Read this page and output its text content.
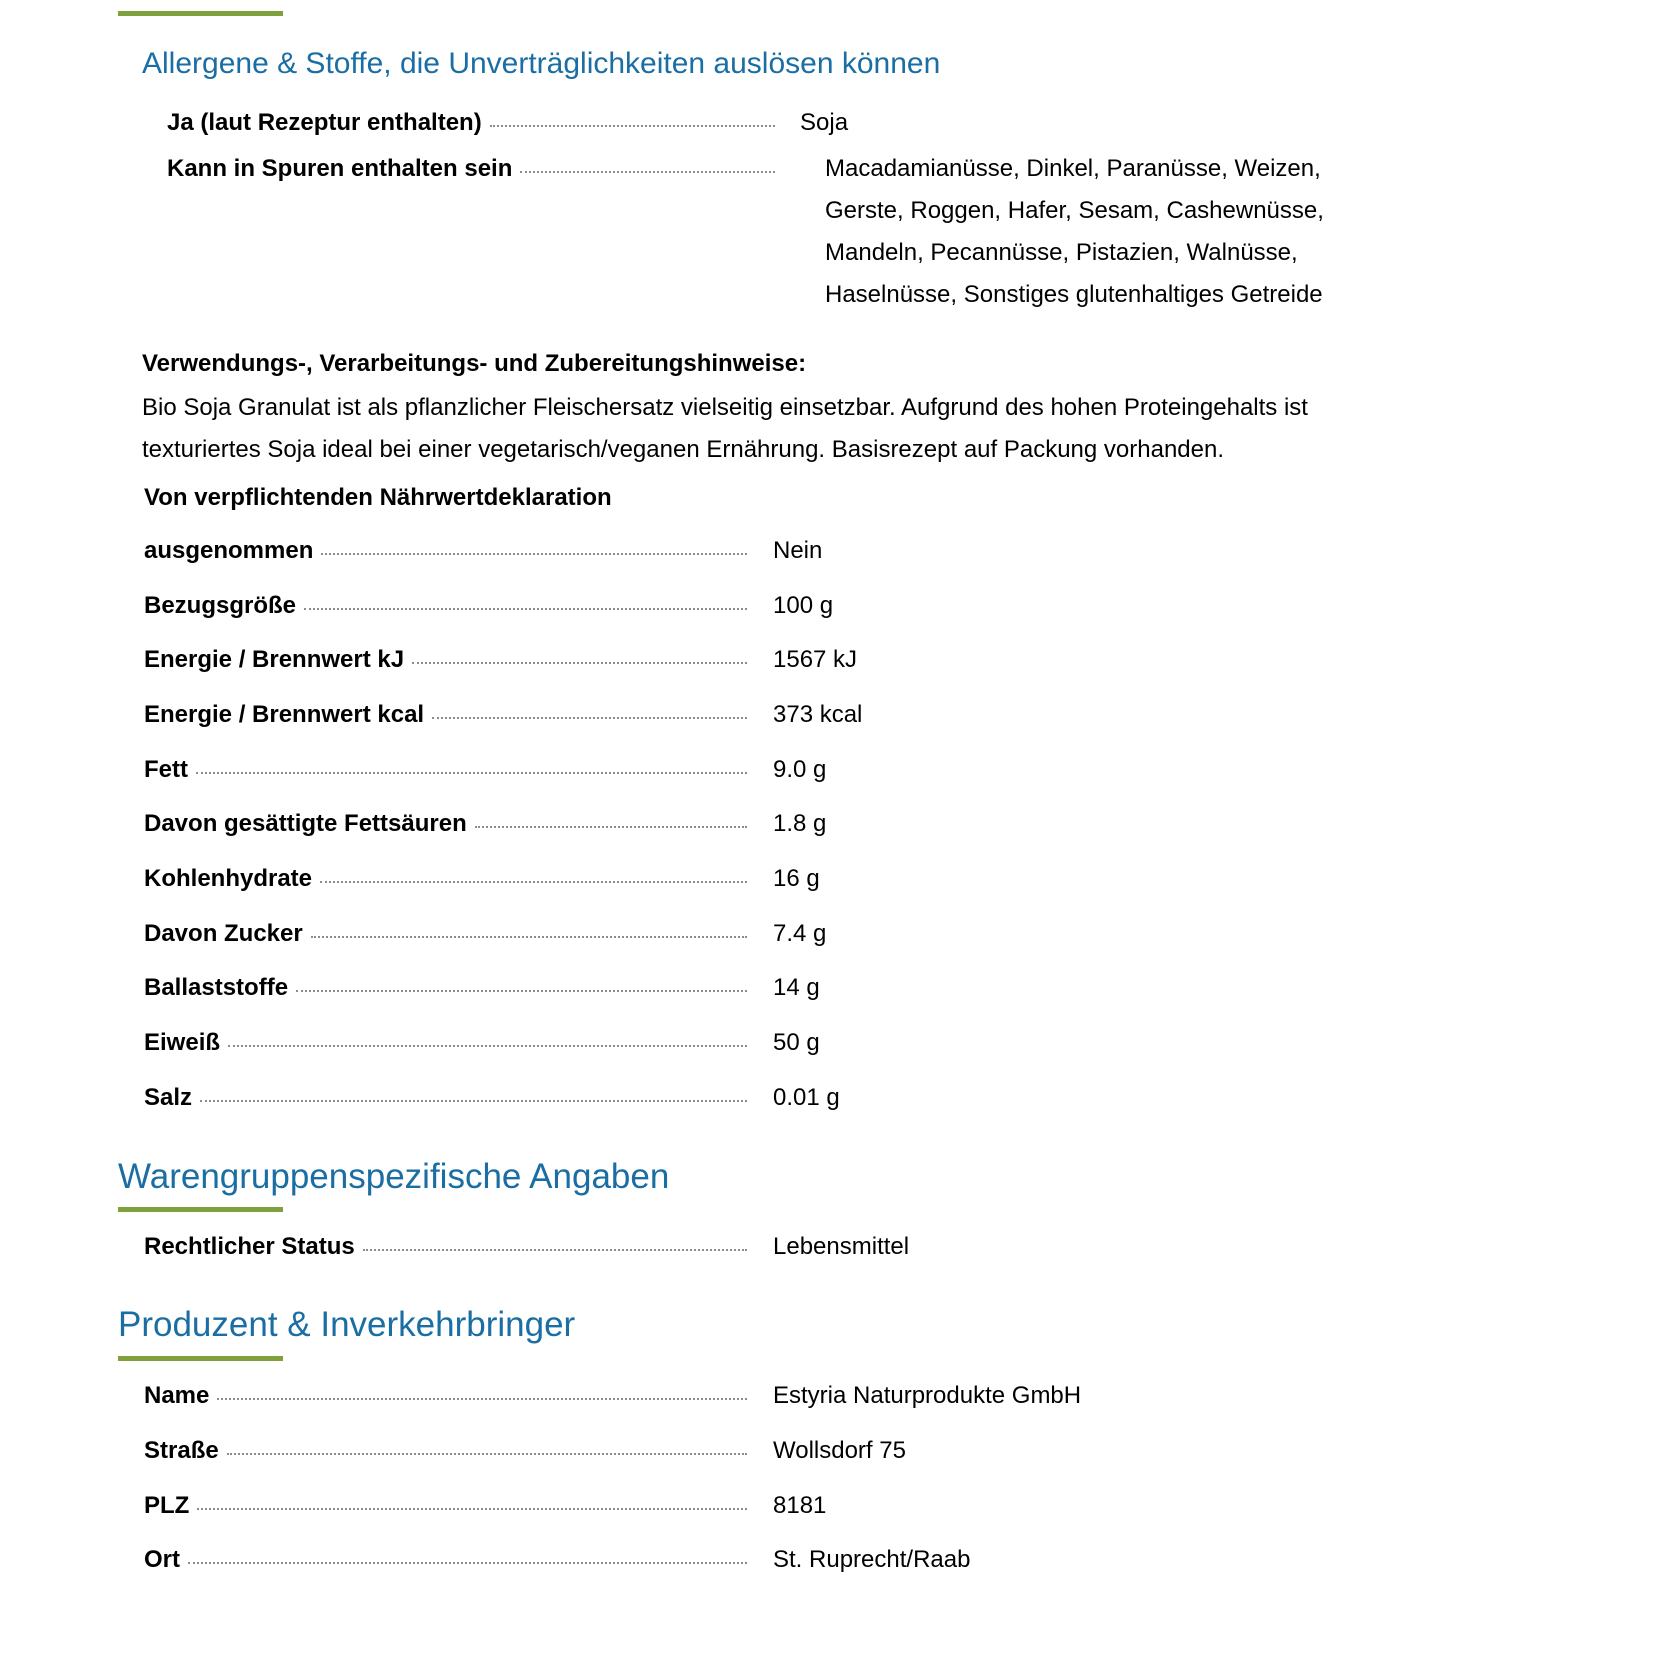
Allergene & Stoffe, die Unverträglichkeiten auslösen können
Ja (laut Rezeptur enthalten)	Soja
Kann in Spuren enthalten sein	Macadamianüsse, Dinkel, Paranüsse, Weizen,
Gerste, Roggen, Hafer, Sesam, Cashewnüsse,
Mandeln, Pecannüsse, Pistazien, Walnüsse,
Haselnüsse, Sonstiges glutenhaltiges Getreide
Verwendungs-, Verarbeitungs- und Zubereitungshinweise:
Bio Soja Granulat ist als pflanzlicher Fleischersatz vielseitig einsetzbar. Aufgrund des hohen Proteingehalts ist
texturiertes Soja ideal bei einer vegetarisch/veganen Ernährung. Basisrezept auf Packung vorhanden.
Von verpflichtenden Nährwertdeklaration
ausgenommen	Nein
Bezugsgröße	100 g
Energie / Brennwert kJ	1567 kJ
Energie / Brennwert kcal	373 kcal
Fett	9.0 g
Davon gesättigte Fettsäuren	1.8 g
Kohlenhydrate	16 g
Davon Zucker	7.4 g
Ballaststoffe	14 g
Eiweiß	50 g
Salz	0.01 g
Warengruppenspezifische Angaben
Rechtlicher Status	Lebensmittel
Produzent & Inverkehrbringer
Name	Estyria Naturprodukte GmbH
Straße	Wollsdorf 75
PLZ	8181
Ort	St. Ruprecht/Raab
